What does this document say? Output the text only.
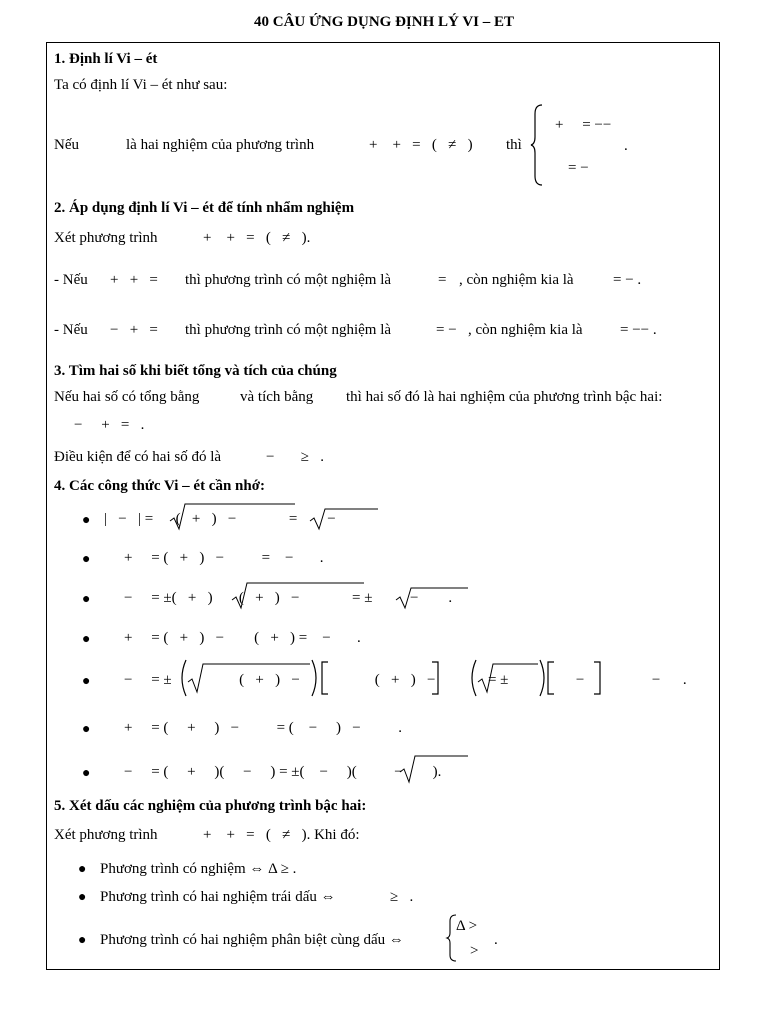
40 CÂU ỨNG DỤNG ĐỊNH LÝ VI – ET
1. Định lí Vi – ét
Ta có định lí Vi – ét như sau:
Nếu	là hai nghiệm của phương trình	+    +   =   (   ≠   ) thì
+     = −−
= −
.
2. Áp dụng định lí Vi – ét để tính nhẩm nghiệm
Xét phương trình	+    +   =   (   ≠   ).
- Nếu +   +   = thì phương trình có một nghiệm là	= , còn nghiệm kia là	= − .
- Nếu −   +   = thì phương trình có một nghiệm là	= − , còn nghiệm kia là = −− .
3. Tìm hai số khi biết tổng và tích của chúng
Nếu hai số có tổng bằng	và tích bằng thì hai số đó là hai nghiệm của phương trình bậc hai:
−     +   =   .
Điều kiện để có hai số đó là	−       ≥   .
4. Các công thức Vi – ét cần nhớ:
● |   −   | =      (   +   )   −              =        −
● +     = (   +   )   −          =    −       .
● −     = ±(   +   )       (   +   )   −              = ±          −        .
● +     = (   +   )   −        (   +   ) =    −       .
● −     = ±                  (   +   )   −                    (   +   )   −              = ±                  −                  −      .
● +     = (     +     )   −          = (    −     )   −          .
● −     = (     +     )(     −     ) = ±(    −     )(          −        ).
5. Xét dấu các nghiệm của phương trình bậc hai:
Xét phương trình	+    +   =   (   ≠   ). Khi đó:
● Phương trình có nghiệm ⇔ Δ ≥ .
● Phương trình có hai nghiệm trái dấu ⇔	≥   .
● Phương trình có hai nghiệm phân biệt cùng dấu ⇔
Δ >
>
.
